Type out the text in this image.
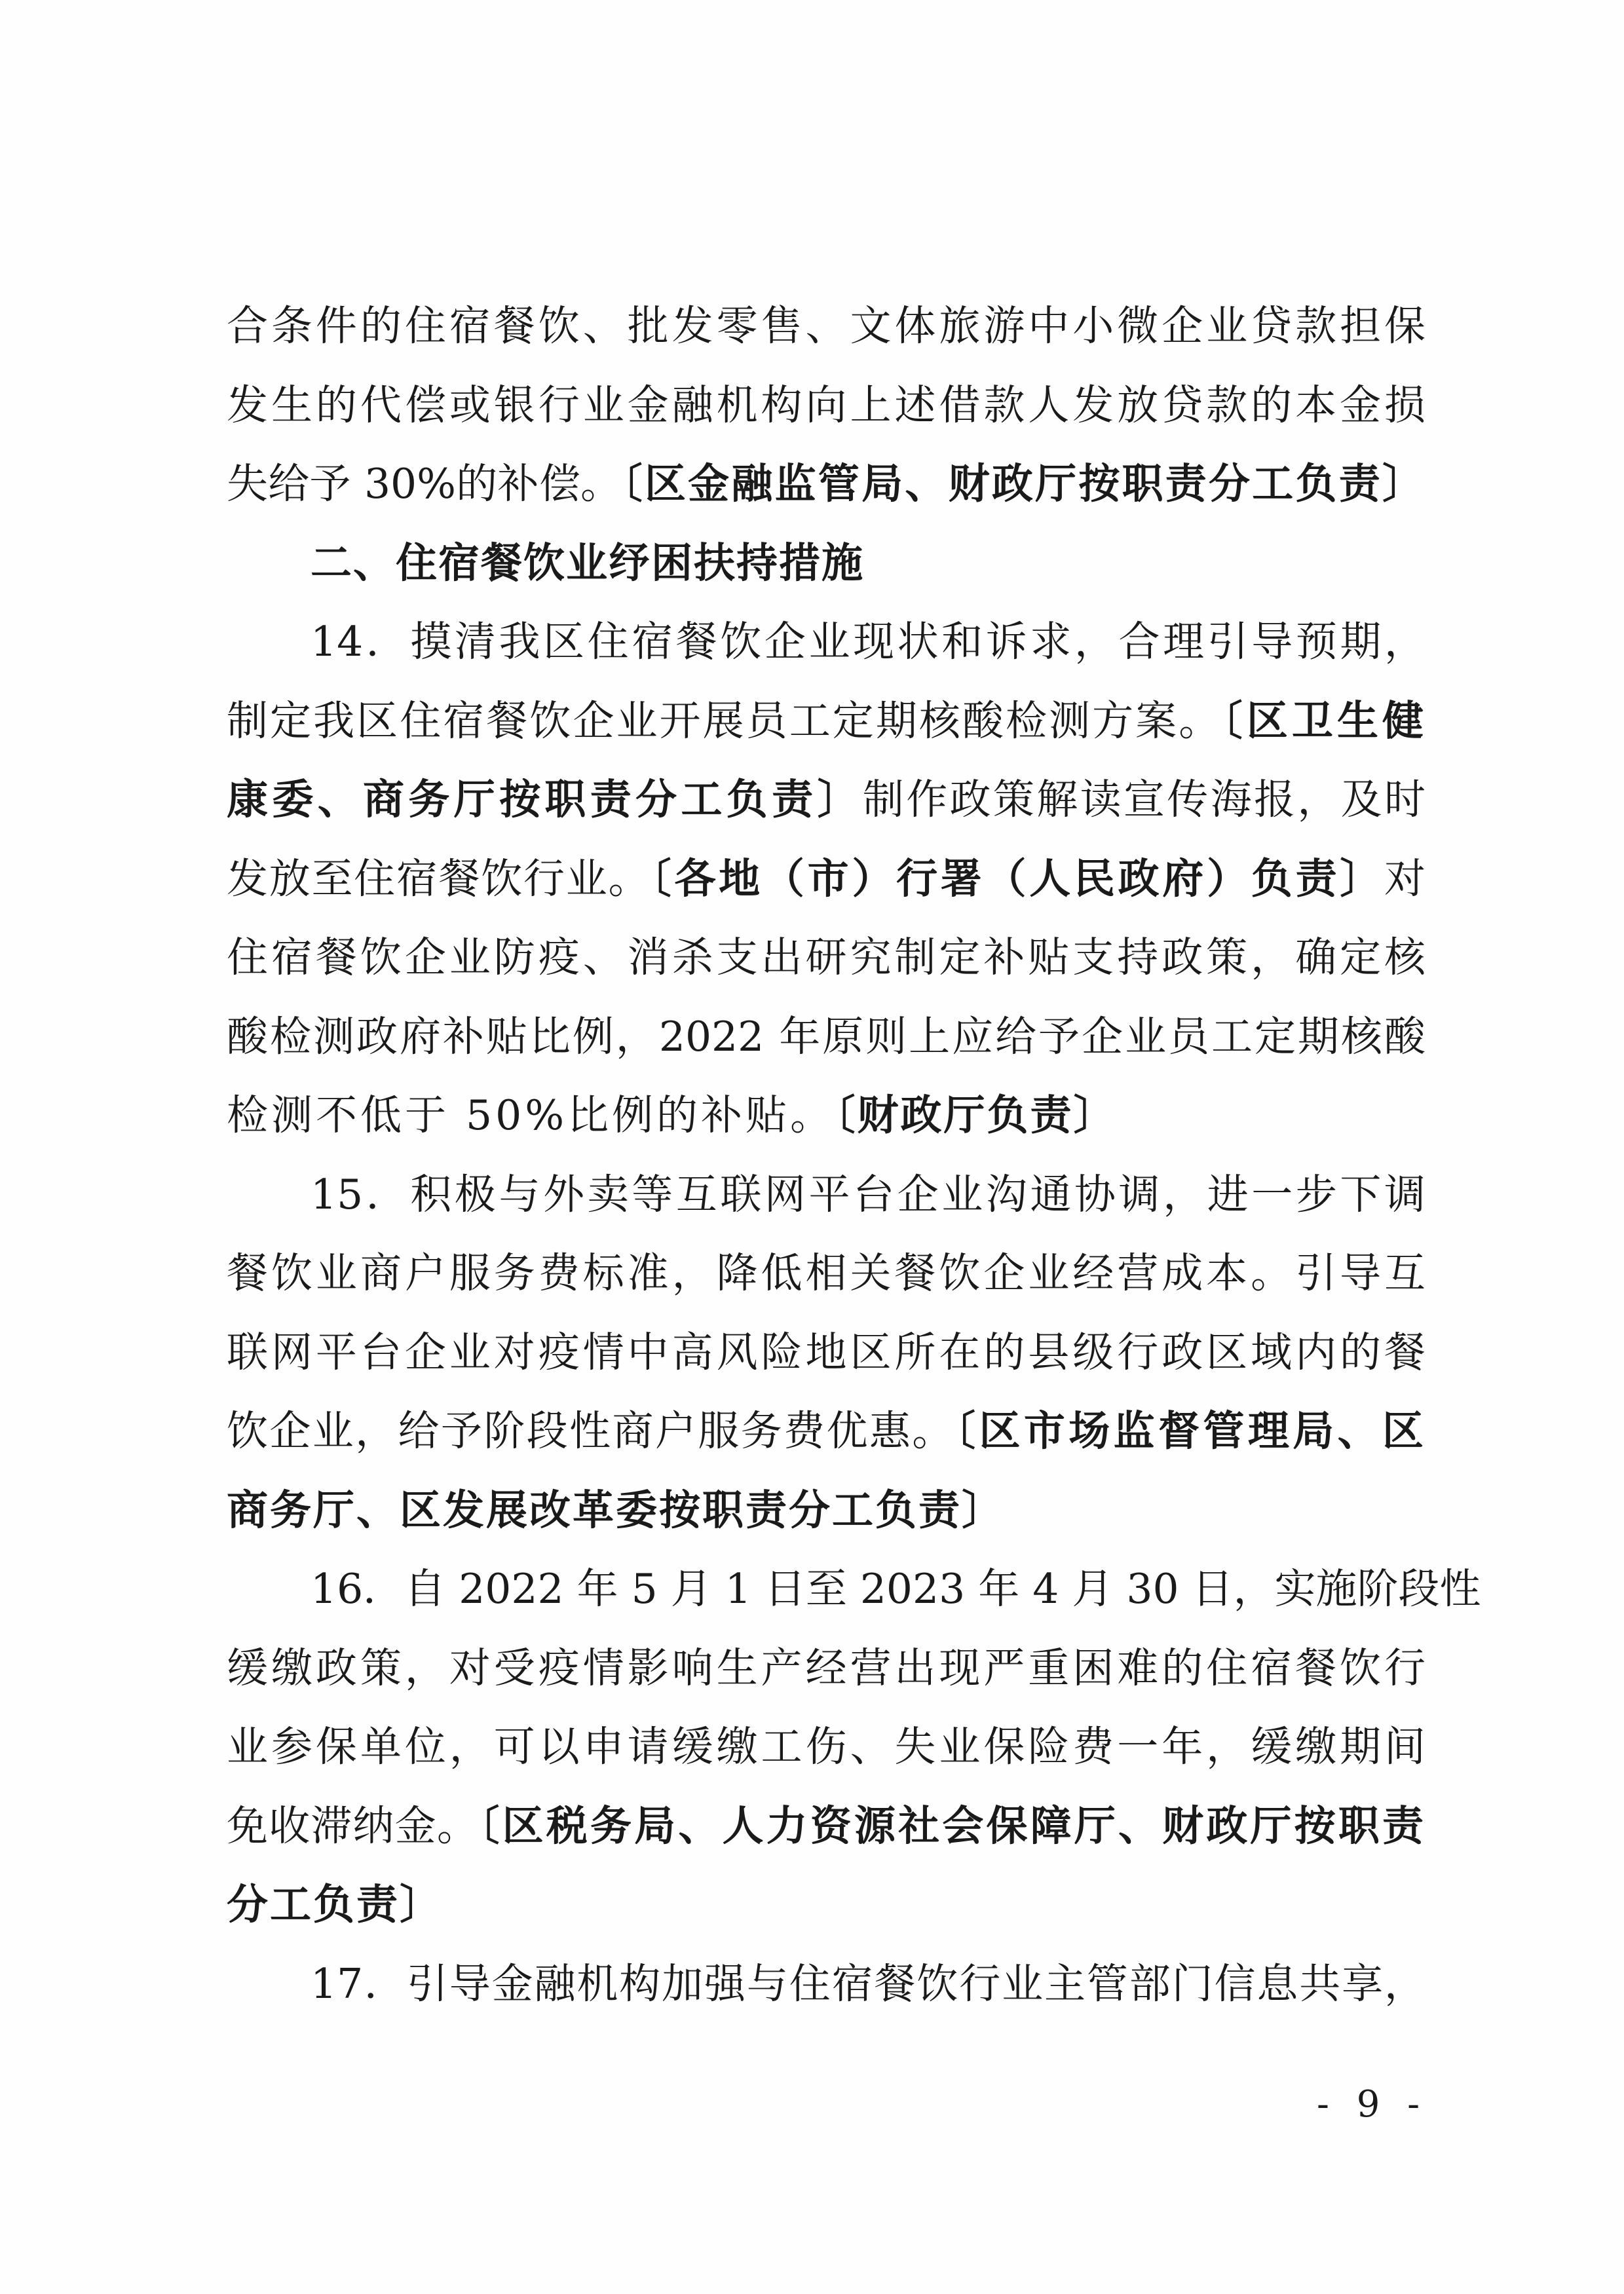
合条件的住宿餐饮、批发零售、文体旅游中小微企业贷款担保
发生的代偿或银行业金融机构向上述借款人发放贷款的本金损
失给予 30%的补偿。〔区金融监管局、财政厅按职责分工负责〕
二、住宿餐饮业纾困扶持措施
14．摸清我区住宿餐饮企业现状和诉求，合理引导预期，
制定我区住宿餐饮企业开展员工定期核酸检测方案。〔区卫生健
康委、商务厅按职责分工负责〕制作政策解读宣传海报，及时
发放至住宿餐饮行业。〔各地（市）行署（人民政府）负责〕对
住宿餐饮企业防疫、消杀支出研究制定补贴支持政策，确定核
酸检测政府补贴比例，2022 年原则上应给予企业员工定期核酸
检测不低于 50%比例的补贴。〔财政厅负责〕
15．积极与外卖等互联网平台企业沟通协调，进一步下调
餐饮业商户服务费标准，降低相关餐饮企业经营成本。引导互
联网平台企业对疫情中高风险地区所在的县级行政区域内的餐
饮企业，给予阶段性商户服务费优惠。〔区市场监督管理局、区
商务厅、区发展改革委按职责分工负责〕
16．自 2022 年 5 月 1 日至 2023 年 4 月 30 日，实施阶段性
缓缴政策，对受疫情影响生产经营出现严重困难的住宿餐饮行
业参保单位，可以申请缓缴工伤、失业保险费一年，缓缴期间
免收滞纳金。〔区税务局、人力资源社会保障厅、财政厅按职责
分工负责〕
17．引导金融机构加强与住宿餐饮行业主管部门信息共享，
- 9 -
